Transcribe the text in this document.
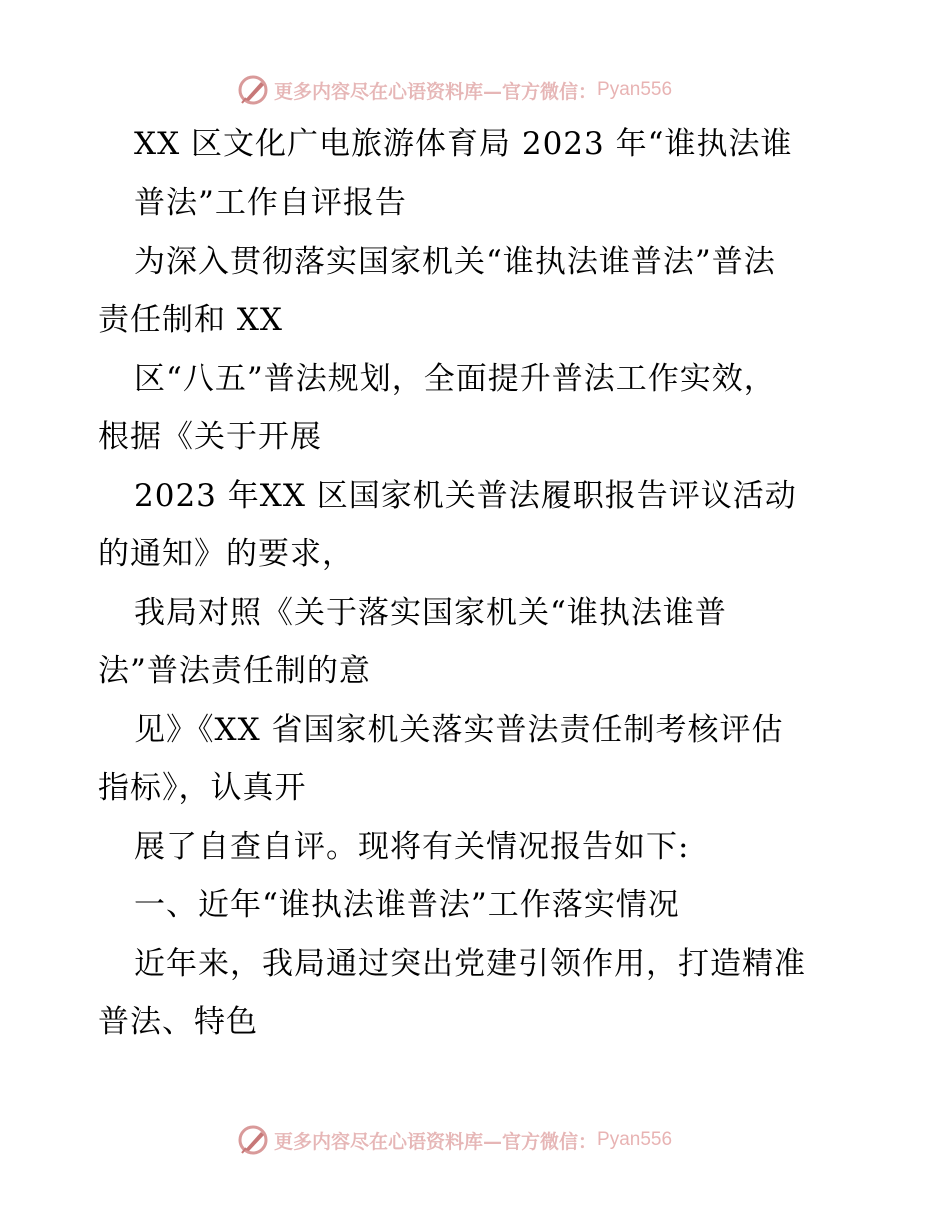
更多内容尽在心语资料库—官方微信： Pyan556
XX 区文化广电旅游体育局 2023 年“谁执法谁
普法”工作自评报告
为深入贯彻落实国家机关“谁执法谁普法”普法
责任制和 XX
区“八五”普法规划，全面提升普法工作实效，
根据《关于开展
2023 年XX 区国家机关普法履职报告评议活动
的通知》的要求，
我局对照《关于落实国家机关“谁执法谁普
法”普法责任制的意
见》《XX 省国家机关落实普法责任制考核评估
指标》，认真开
展了自查自评。现将有关情况报告如下:
一、近年“谁执法谁普法”工作落实情况
近年来，我局通过突出党建引领作用，打造精准
普法、特色
更多内容尽在心语资料库—官方微信： Pyan556
